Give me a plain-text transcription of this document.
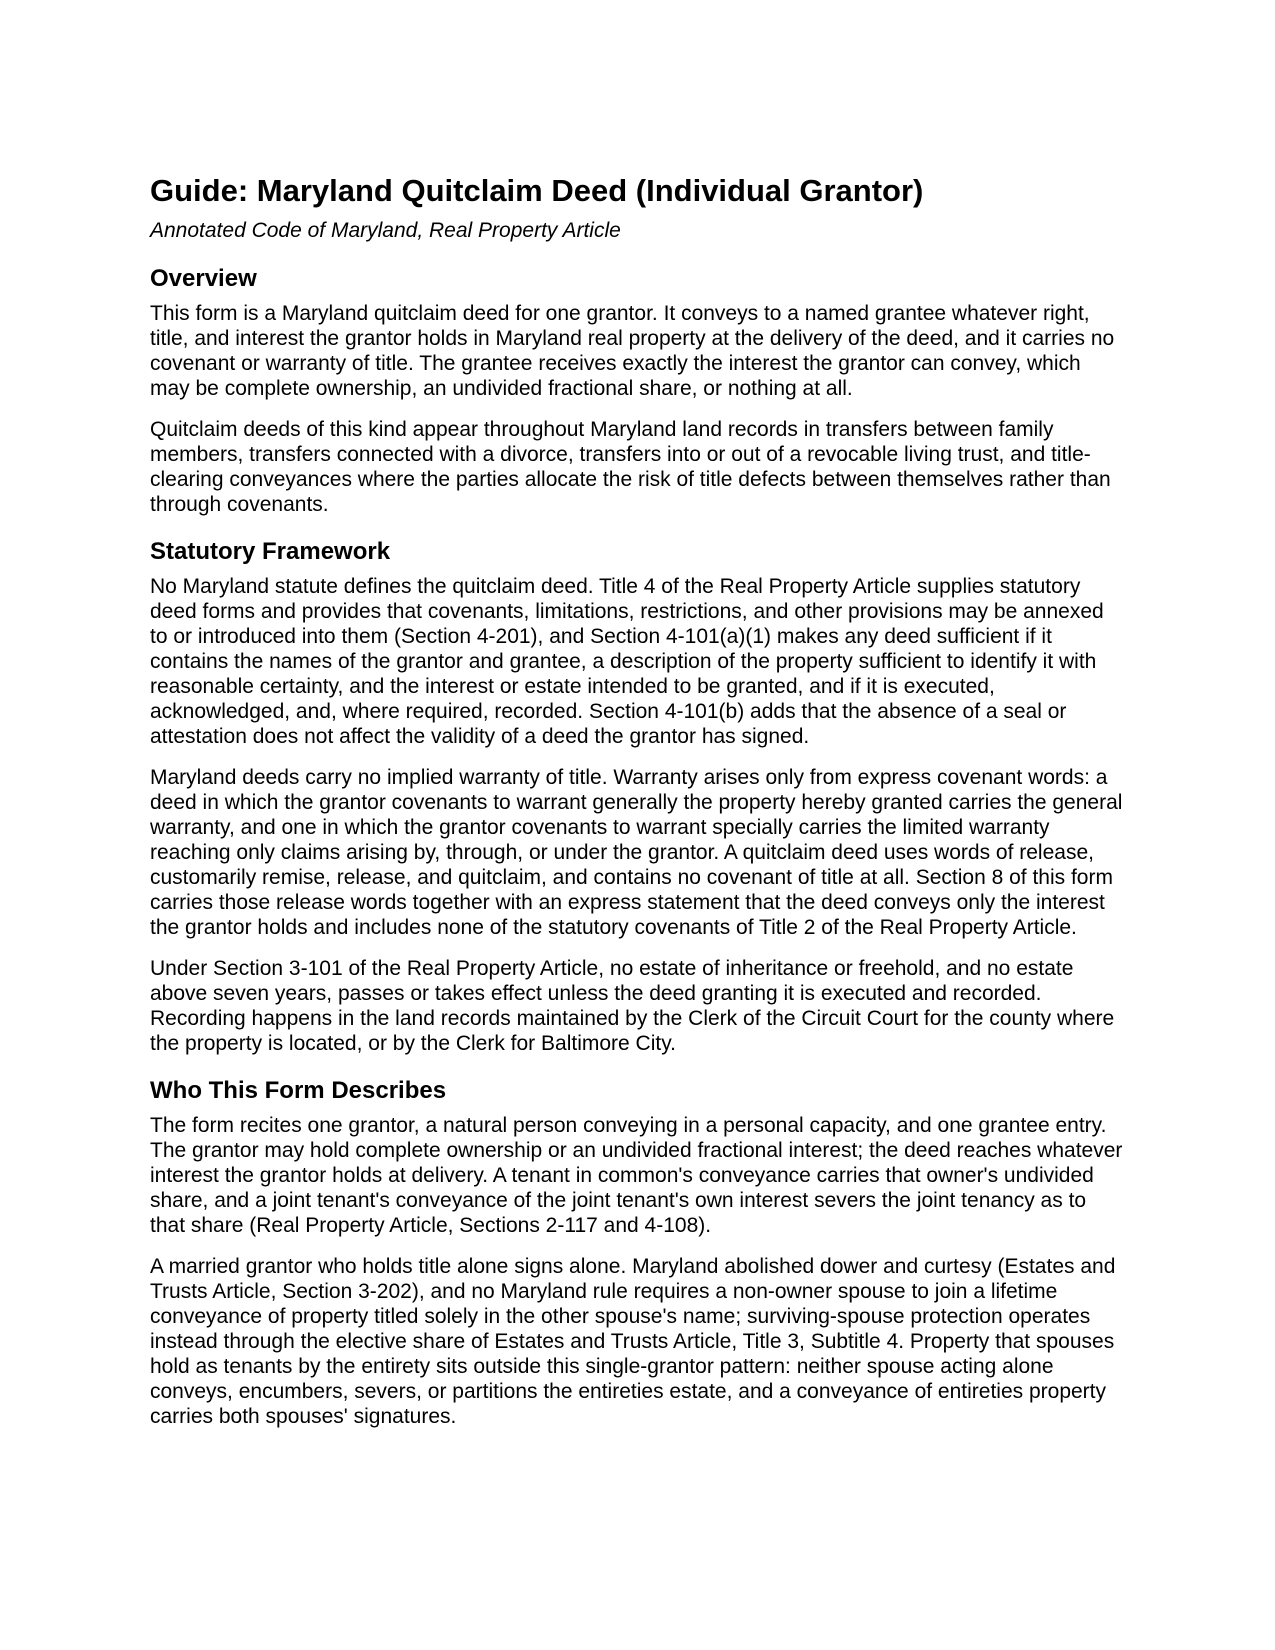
Guide: Maryland Quitclaim Deed (Individual Grantor)

Annotated Code of Maryland, Real Property Article

Overview

This form is a Maryland quitclaim deed for one grantor. It conveys to a named grantee whatever right, title, and interest the grantor holds in Maryland real property at the delivery of the deed, and it carries no covenant or warranty of title. The grantee receives exactly the interest the grantor can convey, which may be complete ownership, an undivided fractional share, or nothing at all.

Quitclaim deeds of this kind appear throughout Maryland land records in transfers between family members, transfers connected with a divorce, transfers into or out of a revocable living trust, and title-clearing conveyances where the parties allocate the risk of title defects between themselves rather than through covenants.

Statutory Framework

No Maryland statute defines the quitclaim deed. Title 4 of the Real Property Article supplies statutory deed forms and provides that covenants, limitations, restrictions, and other provisions may be annexed to or introduced into them (Section 4-201), and Section 4-101(a)(1) makes any deed sufficient if it contains the names of the grantor and grantee, a description of the property sufficient to identify it with reasonable certainty, and the interest or estate intended to be granted, and if it is executed, acknowledged, and, where required, recorded. Section 4-101(b) adds that the absence of a seal or attestation does not affect the validity of a deed the grantor has signed.

Maryland deeds carry no implied warranty of title. Warranty arises only from express covenant words: a deed in which the grantor covenants to warrant generally the property hereby granted carries the general warranty, and one in which the grantor covenants to warrant specially carries the limited warranty reaching only claims arising by, through, or under the grantor. A quitclaim deed uses words of release, customarily remise, release, and quitclaim, and contains no covenant of title at all. Section 8 of this form carries those release words together with an express statement that the deed conveys only the interest the grantor holds and includes none of the statutory covenants of Title 2 of the Real Property Article.

Under Section 3-101 of the Real Property Article, no estate of inheritance or freehold, and no estate above seven years, passes or takes effect unless the deed granting it is executed and recorded. Recording happens in the land records maintained by the Clerk of the Circuit Court for the county where the property is located, or by the Clerk for Baltimore City.

Who This Form Describes

The form recites one grantor, a natural person conveying in a personal capacity, and one grantee entry. The grantor may hold complete ownership or an undivided fractional interest; the deed reaches whatever interest the grantor holds at delivery. A tenant in common's conveyance carries that owner's undivided share, and a joint tenant's conveyance of the joint tenant's own interest severs the joint tenancy as to that share (Real Property Article, Sections 2-117 and 4-108).

A married grantor who holds title alone signs alone. Maryland abolished dower and curtesy (Estates and Trusts Article, Section 3-202), and no Maryland rule requires a non-owner spouse to join a lifetime conveyance of property titled solely in the other spouse's name; surviving-spouse protection operates instead through the elective share of Estates and Trusts Article, Title 3, Subtitle 4. Property that spouses hold as tenants by the entirety sits outside this single-grantor pattern: neither spouse acting alone conveys, encumbers, severs, or partitions the entireties estate, and a conveyance of entireties property carries both spouses' signatures.
